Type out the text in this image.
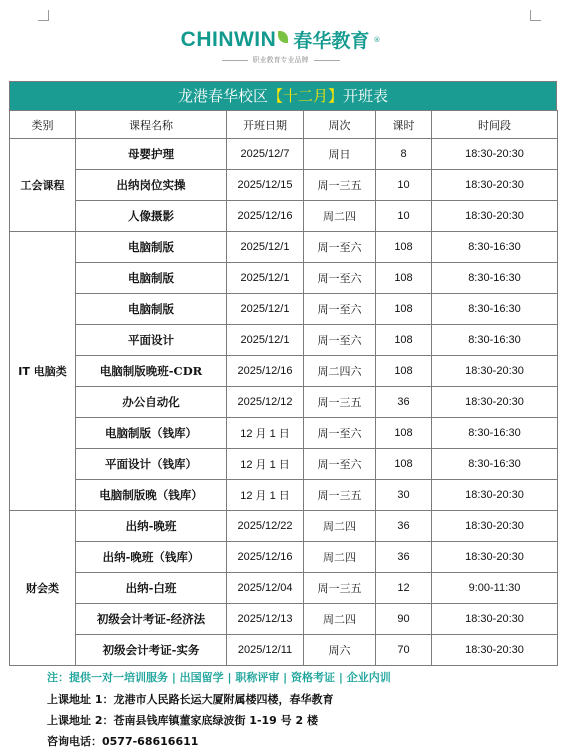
CHINWIN 春华教育 ®
职业教育专业品牌
龙港春华校区【十二月】开班表
类别	课程名称	开班日期	周次	课时	时间段
工会课程	母婴护理	2025/12/7	周日	8	18:30-20:30
	出纳岗位实操	2025/12/15	周一三五	10	18:30-20:30
	人像摄影	2025/12/16	周二四	10	18:30-20:30
IT 电脑类	电脑制版	2025/12/1	周一至六	108	8:30-16:30
	电脑制版	2025/12/1	周一至六	108	8:30-16:30
	电脑制版	2025/12/1	周一至六	108	8:30-16:30
	平面设计	2025/12/1	周一至六	108	8:30-16:30
	电脑制版晚班-CDR	2025/12/16	周二四六	108	18:30-20:30
	办公自动化	2025/12/12	周一三五	36	18:30-20:30
	电脑制版（钱库）	12 月 1 日	周一至六	108	8:30-16:30
	平面设计（钱库）	12 月 1 日	周一至六	108	8:30-16:30
	电脑制版晚（钱库）	12 月 1 日	周一三五	30	18:30-20:30
财会类	出纳-晚班	2025/12/22	周二四	36	18:30-20:30
	出纳-晚班（钱库）	2025/12/16	周二四	36	18:30-20:30
	出纳-白班	2025/12/04	周一三五	12	9:00-11:30
	初级会计考证-经济法	2025/12/13	周二四	90	18:30-20:30
	初级会计考证-实务	2025/12/11	周六	70	18:30-20:30
注：提供一对一培训服务 | 出国留学 | 职称评审 | 资格考证 | 企业内训
上课地址 1：龙港市人民路长运大厦附属楼四楼，春华教育
上课地址 2：苍南县钱库镇董家底绿波街 1-19 号 2 楼
咨询电话：0577-68616611
